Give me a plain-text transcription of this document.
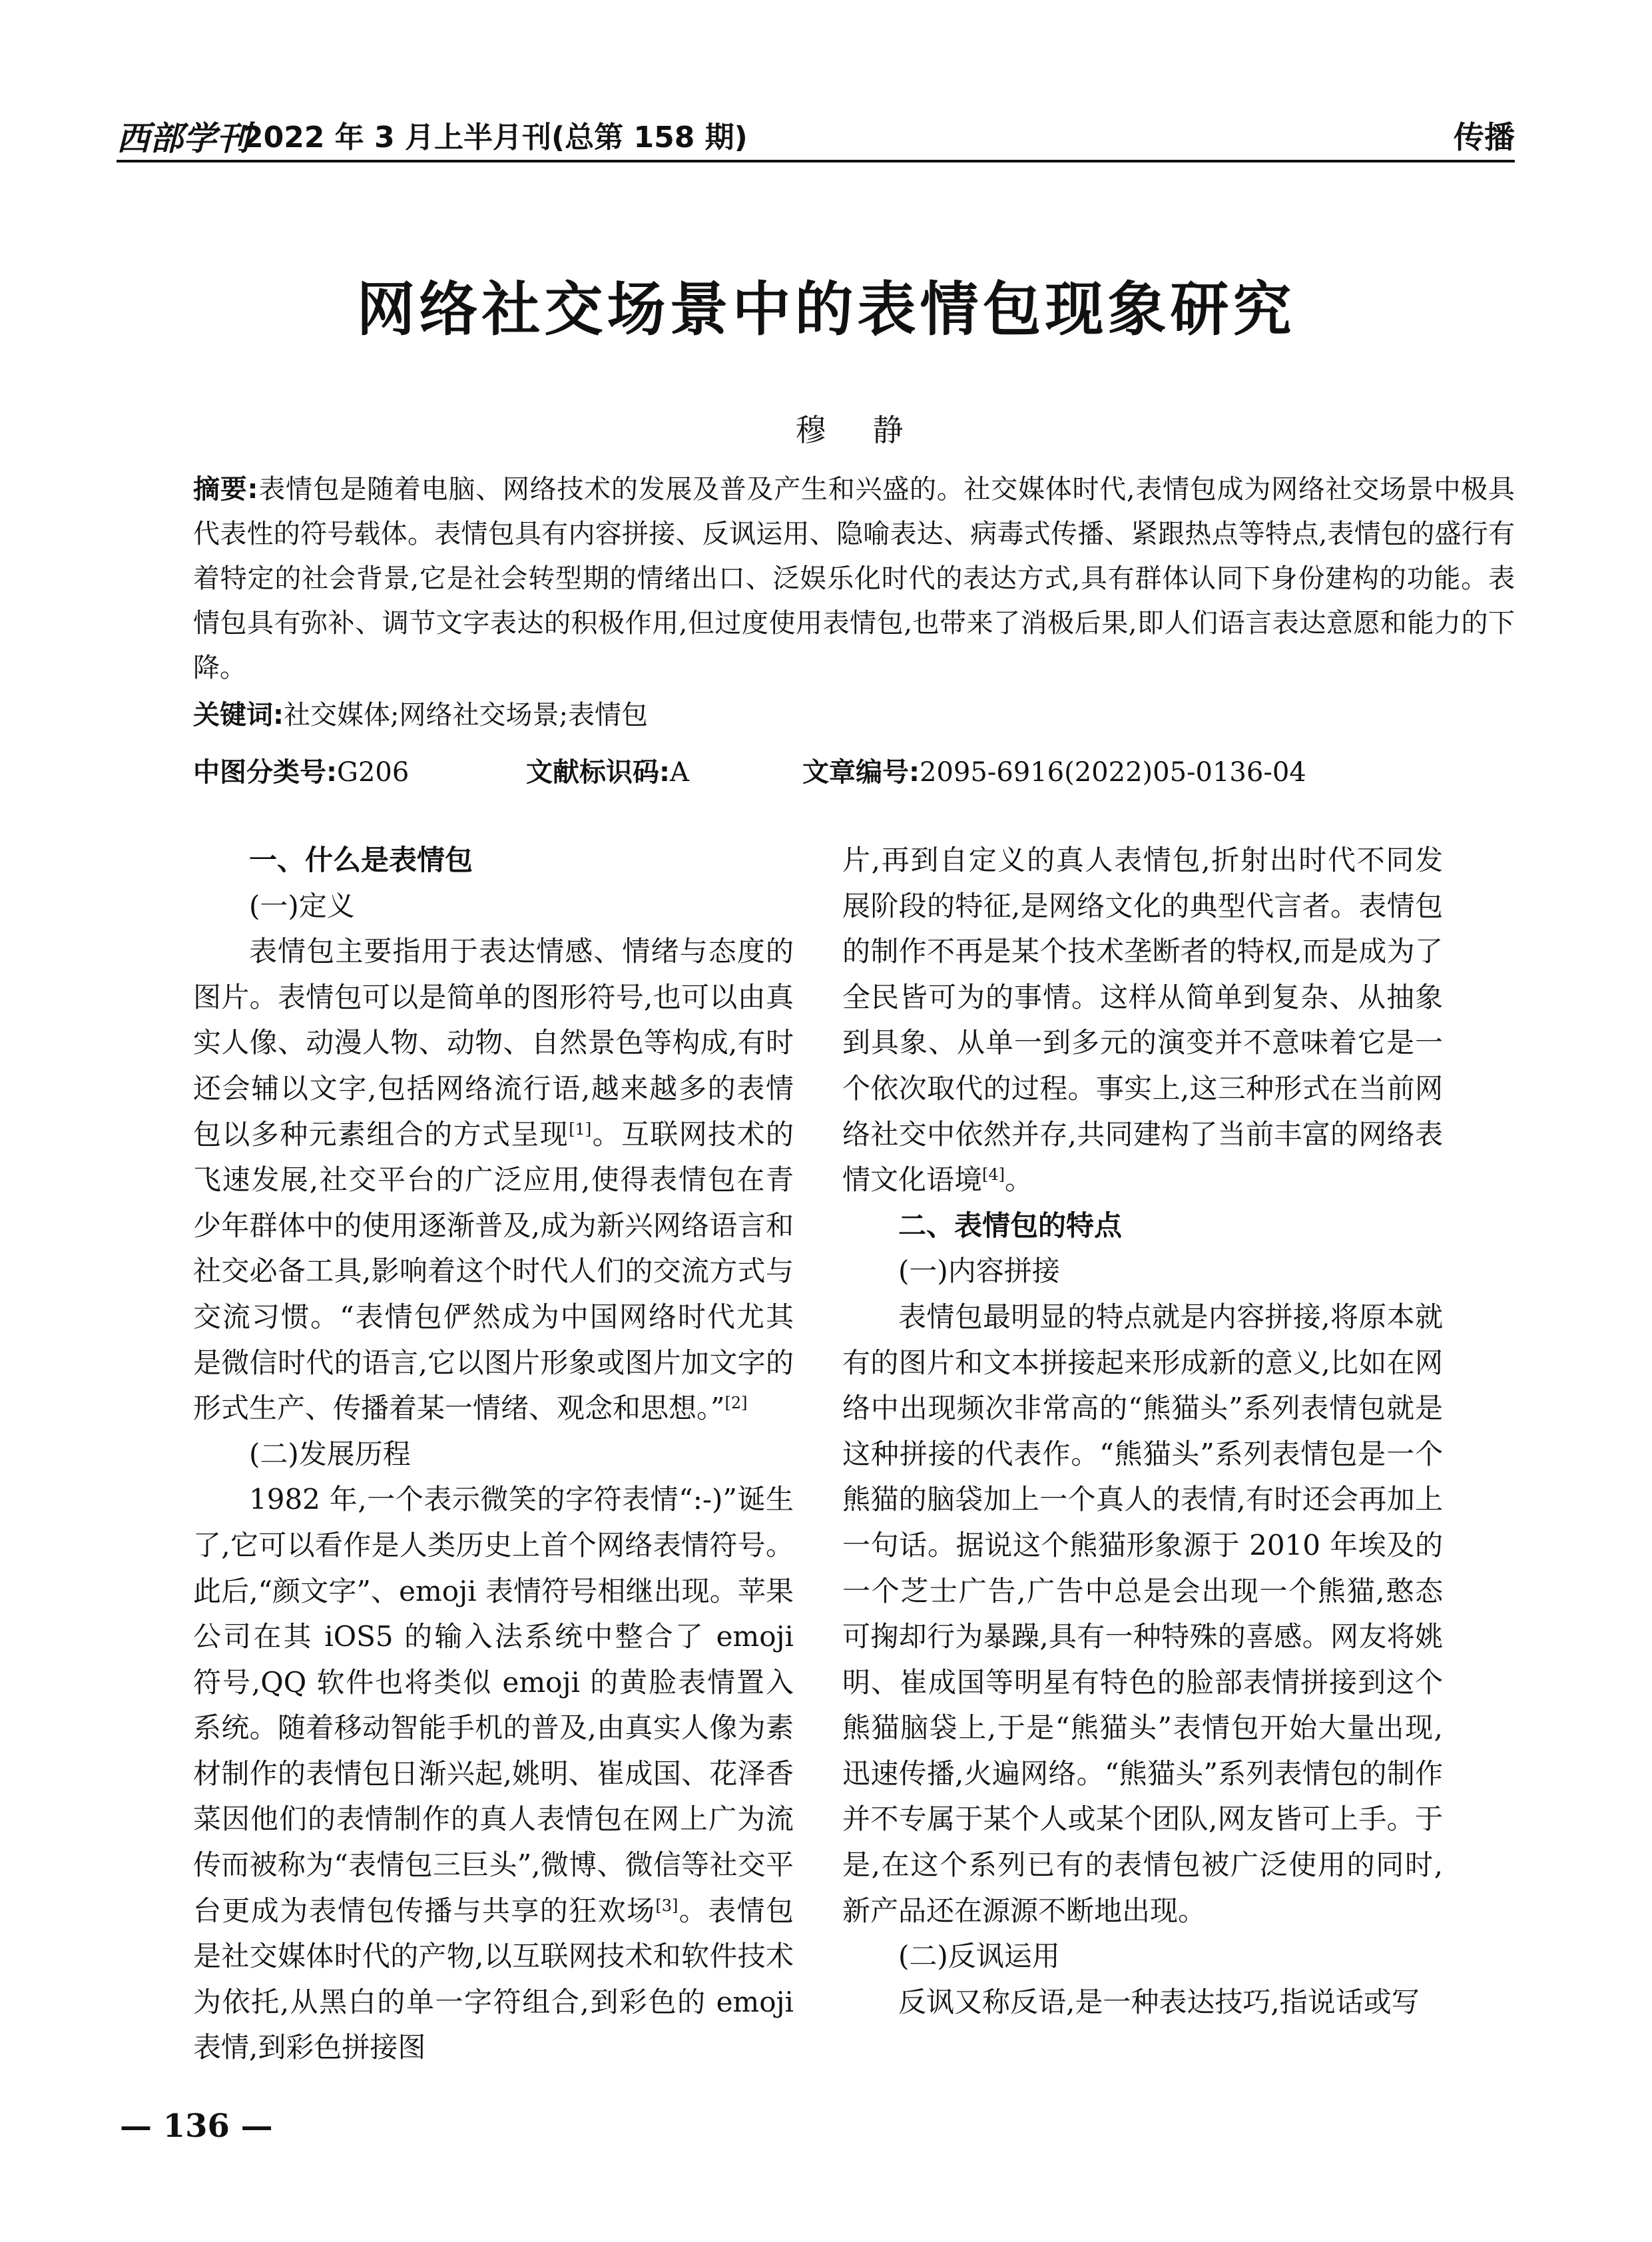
西部学刊
2022 年 3 月上半月刊(总第 158 期)	传播
网络社交场景中的表情包现象研究
穆静
摘要:表情包是随着电脑、网络技术的发展及普及产生和兴盛的。社交媒体时代,表情包成为网络社交场景中极具代表性的符号载体。表情包具有内容拼接、反讽运用、隐喻表达、病毒式传播、紧跟热点等特点,表情包的盛行有着特定的社会背景,它是社会转型期的情绪出口、泛娱乐化时代的表达方式,具有群体认同下身份建构的功能。表情包具有弥补、调节文字表达的积极作用,但过度使用表情包,也带来了消极后果,即人们语言表达意愿和能力的下降。
关键词:社交媒体;网络社交场景;表情包
中图分类号:G206	文献标识码:A	文章编号:2095-6916(2022)05-0136-04

一、什么是表情包

(一)定义

表情包主要指用于表达情感、情绪与态度的图片。表情包可以是简单的图形符号,也可以由真实人像、动漫人物、动物、自然景色等构成,有时还会辅以文字,包括网络流行语,越来越多的表情包以多种元素组合的方式呈现[1]。互联网技术的飞速发展,社交平台的广泛应用,使得表情包在青少年群体中的使用逐渐普及,成为新兴网络语言和社交必备工具,影响着这个时代人们的交流方式与交流习惯。“表情包俨然成为中国网络时代尤其是微信时代的语言,它以图片形象或图片加文字的形式生产、传播着某一情绪、观念和思想。”[2]

(二)发展历程

1982 年,一个表示微笑的字符表情“:-)”诞生了,它可以看作是人类历史上首个网络表情符号。此后,“颜文字”、emoji 表情符号相继出现。苹果公司在其 iOS5 的输入法系统中整合了 emoji 符号,QQ 软件也将类似 emoji 的黄脸表情置入系统。随着移动智能手机的普及,由真实人像为素材制作的表情包日渐兴起,姚明、崔成国、花泽香菜因他们的表情制作的真人表情包在网上广为流传而被称为“表情包三巨头”,微博、微信等社交平台更成为表情包传播与共享的狂欢场[3]。表情包是社交媒体时代的产物,以互联网技术和软件技术为依托,从黑白的单一字符组合,到彩色的 emoji 表情,到彩色拼接图

片,再到自定义的真人表情包,折射出时代不同发展阶段的特征,是网络文化的典型代言者。表情包的制作不再是某个技术垄断者的特权,而是成为了全民皆可为的事情。这样从简单到复杂、从抽象到具象、从单一到多元的演变并不意味着它是一个依次取代的过程。事实上,这三种形式在当前网络社交中依然并存,共同建构了当前丰富的网络表情文化语境[4]。

二、表情包的特点

(一)内容拼接

表情包最明显的特点就是内容拼接,将原本就有的图片和文本拼接起来形成新的意义,比如在网络中出现频次非常高的“熊猫头”系列表情包就是这种拼接的代表作。“熊猫头”系列表情包是一个熊猫的脑袋加上一个真人的表情,有时还会再加上一句话。据说这个熊猫形象源于 2010 年埃及的一个芝士广告,广告中总是会出现一个熊猫,憨态可掬却行为暴躁,具有一种特殊的喜感。网友将姚明、崔成国等明星有特色的脸部表情拼接到这个熊猫脑袋上,于是“熊猫头”表情包开始大量出现,迅速传播,火遍网络。“熊猫头”系列表情包的制作并不专属于某个人或某个团队,网友皆可上手。于是,在这个系列已有的表情包被广泛使用的同时,新产品还在源源不断地出现。

(二)反讽运用

反讽又称反语,是一种表达技巧,指说话或写

— 136 —
